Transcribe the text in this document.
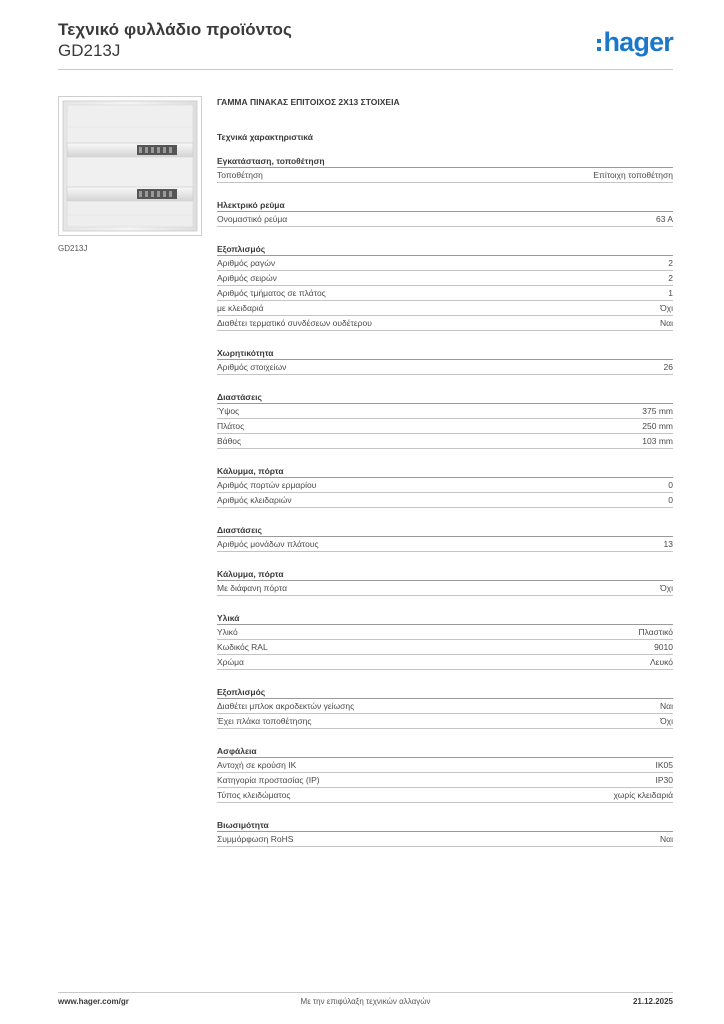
Τεχνικό φυλλάδιο προϊόντος
GD213J	hager
GD213J
ΓΑΜΜΑ ΠΙΝΑΚΑΣ ΕΠΙΤΟΙΧΟΣ 2Χ13 ΣΤΟΙΧΕΙΑ
Τεχνικά χαρακτηριστικά
Εγκατάσταση, τοποθέτηση
Τοποθέτηση	Επίτοιχη τοποθέτηση
Ηλεκτρικό ρεύμα
Ονομαστικό ρεύμα	63 A
Εξοπλισμός
Αριθμός ραγών	2
Αριθμός σειρών	2
Αριθμός τμήματος σε πλάτος	1
με κλειδαριά	Όχι
Διαθέτει τερματικό συνδέσεων ουδέτερου	Ναι
Χωρητικότητα
Αριθμός στοιχείων	26
Διαστάσεις
Ύψος	375 mm
Πλάτος	250 mm
Βάθος	103 mm
Κάλυμμα, πόρτα
Αριθμός πορτών ερμαρίου	0
Αριθμός κλειδαριών	0
Διαστάσεις
Αριθμός μονάδων πλάτους	13
Κάλυμμα, πόρτα
Με διάφανη πόρτα	Όχι
Υλικά
Υλικό	Πλαστικό
Κωδικός RAL	9010
Χρώμα	Λευκό
Εξοπλισμός
Διαθέτει μπλοκ ακροδεκτών γείωσης	Ναι
Έχει πλάκα τοποθέτησης	Όχι
Ασφάλεια
Αντοχή σε κρούση IK	IK05
Κατηγορία προστασίας (IP)	IP30
Τύπος κλειδώματος	χωρίς κλειδαριά
Βιωσιμότητα
Συμμόρφωση RoHS	Ναι
Με την επιφύλαξη τεχνικών αλλαγών
www.hager.com/gr	21.12.2025
